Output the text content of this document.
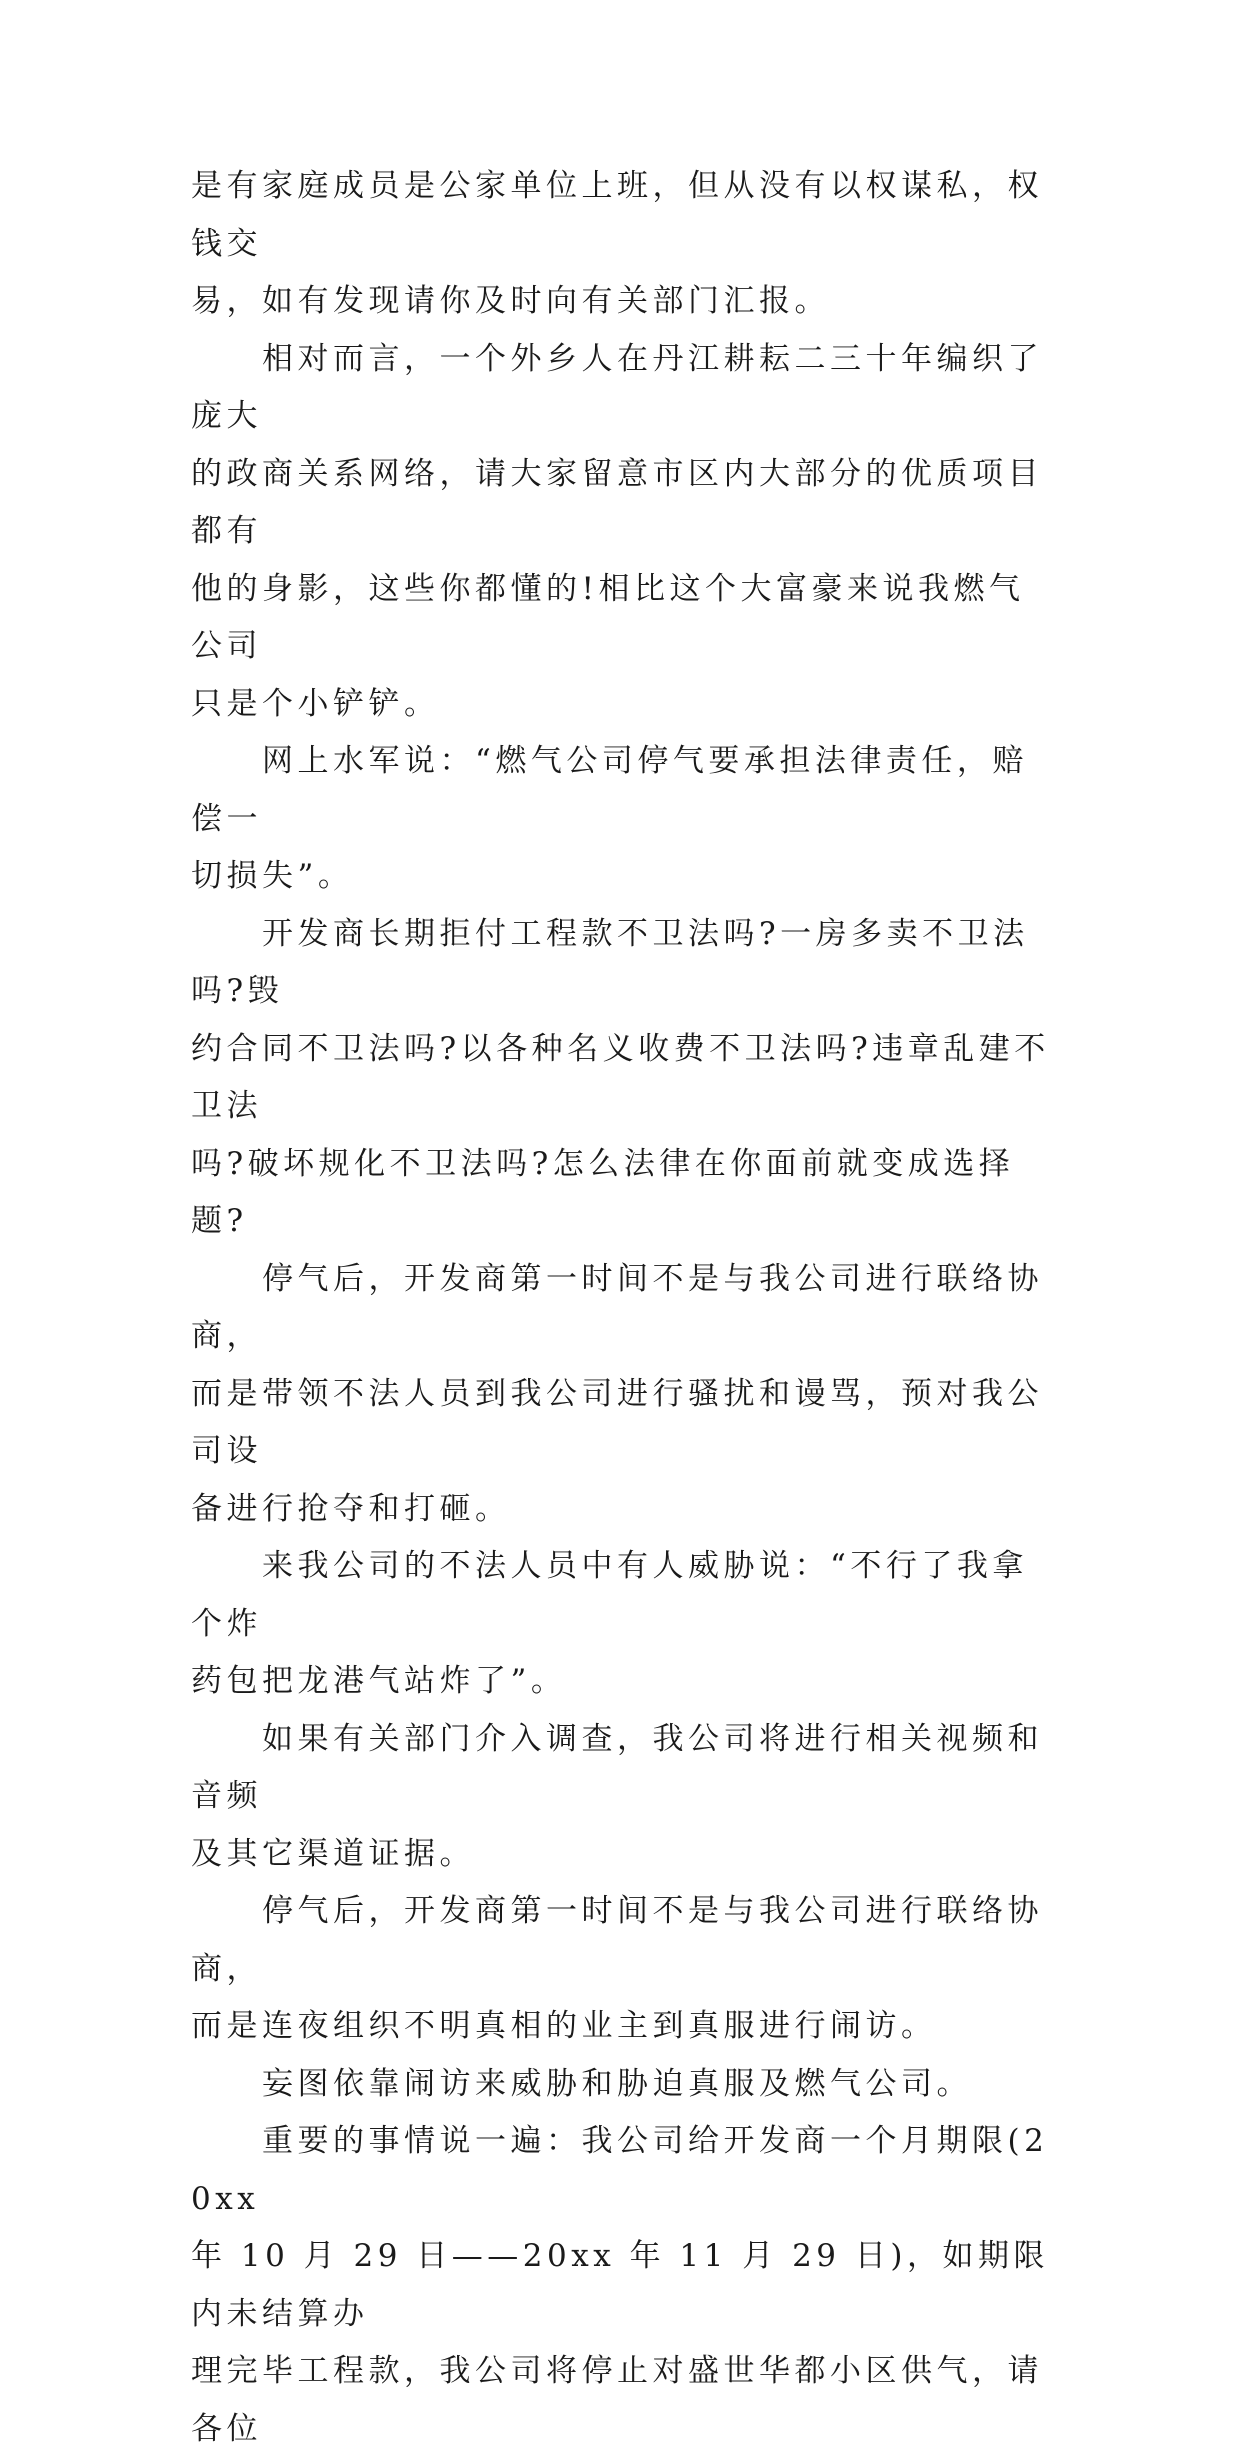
是有家庭成员是公家单位上班，但从没有以权谋私，权钱交
易，如有发现请你及时向有关部门汇报。

　　相对而言，一个外乡人在丹江耕耘二三十年编织了庞大
的政商关系网络，请大家留意市区内大部分的优质项目都有
他的身影，这些你都懂的!相比这个大富豪来说我燃气公司
只是个小铲铲。

　　网上水军说：“燃气公司停气要承担法律责任，赔偿一
切损失”。

　　开发商长期拒付工程款不卫法吗?一房多卖不卫法吗?毁
约合同不卫法吗?以各种名义收费不卫法吗?违章乱建不卫法
吗?破坏规化不卫法吗?怎么法律在你面前就变成选择题?

　　停气后，开发商第一时间不是与我公司进行联络协商，
而是带领不法人员到我公司进行骚扰和谩骂，预对我公司设
备进行抢夺和打砸。

　　来我公司的不法人员中有人威胁说：“不行了我拿个炸
药包把龙港气站炸了”。

　　如果有关部门介入调查，我公司将进行相关视频和音频
及其它渠道证据。

　　停气后，开发商第一时间不是与我公司进行联络协商，
而是连夜组织不明真相的业主到真服进行闹访。

　　妄图依靠闹访来威胁和胁迫真服及燃气公司。

　　重要的事情说一遍：我公司给开发商一个月期限(20xx
年 10 月 29 日——20xx 年 11 月 29 日)，如期限内未结算办
理完毕工程款，我公司将停止对盛世华都小区供气，请各位
